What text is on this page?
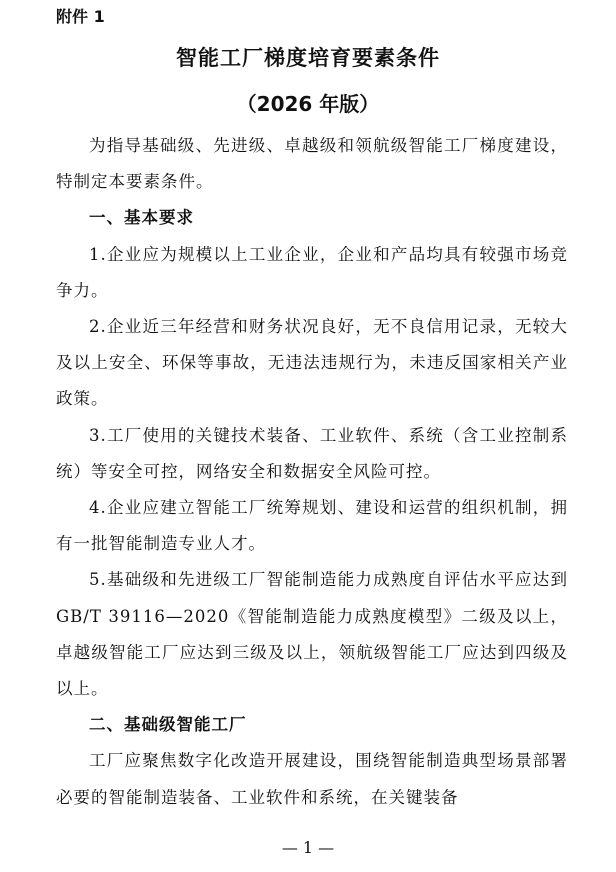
附件 1
智能工厂梯度培育要素条件
（2026 年版）

为指导基础级、先进级、卓越级和领航级智能工厂梯度建设，特制定本要素条件。

一、基本要求

1.企业应为规模以上工业企业，企业和产品均具有较强市场竞争力。

2.企业近三年经营和财务状况良好，无不良信用记录，无较大及以上安全、环保等事故，无违法违规行为，未违反国家相关产业政策。

3.工厂使用的关键技术装备、工业软件、系统（含工业控制系统）等安全可控，网络安全和数据安全风险可控。

4.企业应建立智能工厂统筹规划、建设和运营的组织机制，拥有一批智能制造专业人才。

5.基础级和先进级工厂智能制造能力成熟度自评估水平应达到 GB/T 39116—2020《智能制造能力成熟度模型》二级及以上，卓越级智能工厂应达到三级及以上，领航级智能工厂应达到四级及以上。

二、基础级智能工厂

工厂应聚焦数字化改造开展建设，围绕智能制造典型场景部署必要的智能制造装备、工业软件和系统，在关键装备

— 1 —
